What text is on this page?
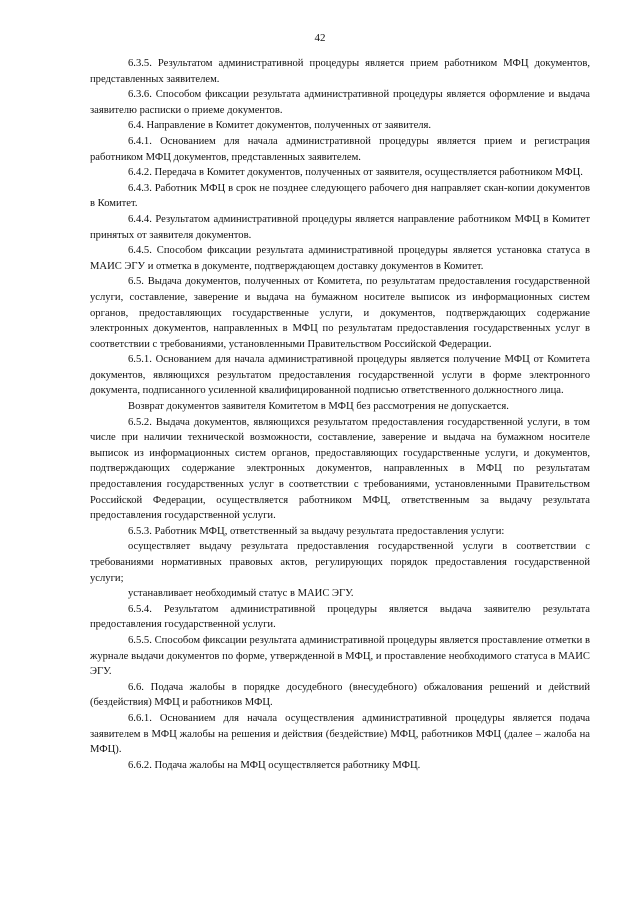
42

6.3.5. Результатом административной процедуры является прием работником МФЦ документов, представленных заявителем.

6.3.6. Способом фиксации результата административной процедуры является оформление и выдача заявителю расписки о приеме документов.

6.4. Направление в Комитет документов, полученных от заявителя.

6.4.1. Основанием для начала административной процедуры является прием и регистрация работником МФЦ документов, представленных заявителем.

6.4.2. Передача в Комитет документов, полученных от заявителя, осуществляется работником МФЦ.

6.4.3. Работник МФЦ в срок не позднее следующего рабочего дня направляет скан-копии документов в Комитет.

6.4.4. Результатом административной процедуры является направление работником МФЦ в Комитет принятых от заявителя документов.

6.4.5. Способом фиксации результата административной процедуры является установка статуса в МАИС ЭГУ и отметка в документе, подтверждающем доставку документов в Комитет.

6.5. Выдача документов, полученных от Комитета, по результатам предоставления государственной услуги, составление, заверение и выдача на бумажном носителе выписок из информационных систем органов, предоставляющих государственные услуги, и документов, подтверждающих содержание электронных документов, направленных в МФЦ по результатам предоставления государственных услуг в соответствии с требованиями, установленными Правительством Российской Федерации.

6.5.1. Основанием для начала административной процедуры является получение МФЦ от Комитета документов, являющихся результатом предоставления государственной услуги в форме электронного документа, подписанного усиленной квалифицированной подписью ответственного должностного лица.

Возврат документов заявителя Комитетом в МФЦ без рассмотрения не допускается.

6.5.2. Выдача документов, являющихся результатом предоставления государственной услуги, в том числе при наличии технической возможности, составление, заверение и выдача на бумажном носителе выписок из информационных систем органов, предоставляющих государственные услуги, и документов, подтверждающих содержание электронных документов, направленных в МФЦ по результатам предоставления государственных услуг в соответствии с требованиями, установленными Правительством Российской Федерации, осуществляется работником МФЦ, ответственным за выдачу результата предоставления государственной услуги.

6.5.3. Работник МФЦ, ответственный за выдачу результата предоставления услуги:

осуществляет выдачу результата предоставления государственной услуги в соответствии с требованиями нормативных правовых актов, регулирующих порядок предоставления государственной услуги;

устанавливает необходимый статус в МАИС ЭГУ.

6.5.4. Результатом административной процедуры является выдача заявителю результата предоставления государственной услуги.

6.5.5. Способом фиксации результата административной процедуры является проставление отметки в журнале выдачи документов по форме, утвержденной в МФЦ, и проставление необходимого статуса в МАИС ЭГУ.

6.6. Подача жалобы в порядке досудебного (внесудебного) обжалования решений и действий (бездействия) МФЦ и работников МФЦ.

6.6.1. Основанием для начала осуществления административной процедуры является подача заявителем в МФЦ жалобы на решения и действия (бездействие) МФЦ, работников МФЦ (далее – жалоба на МФЦ).

6.6.2. Подача жалобы на МФЦ осуществляется работнику МФЦ.
